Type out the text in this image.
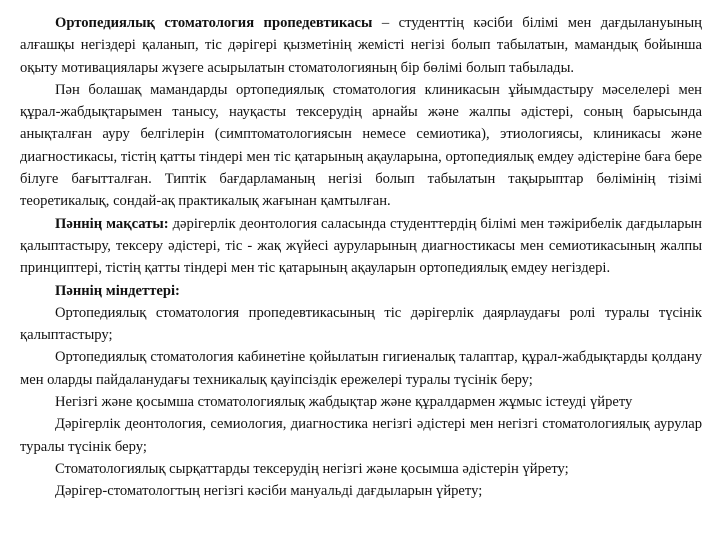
Ортопедиялық стоматология пропедевтикасы – студенттің кәсіби білімі мен дағдылануының алғашқы негіздері қаланып, тіс дәрігері қызметінің жемісті негізі болып табылатын, мамандық бойынша оқыту мотивациялары жүзеге асырылатын стоматологияның бір бөлімі болып табылады.

Пән болашақ мамандарды ортопедиялық стоматология клиникасын ұйымдастыру мәселелері мен құрал-жабдықтарымен танысу, науқасты тексерудің арнайы және жалпы әдістері, соның барысында анықталған ауру белгілерін (симптоматологиясын немесе семиотика), этиологиясы, клиникасы және диагностикасы, тістің қатты тіндері мен тіс қатарының ақауларына, ортопедиялық емдеу әдістеріне баға бере білуге бағытталған. Типтік бағдарламаның негізі болып табылатын тақырыптар бөлімінің тізімі теоретикалық, сондай-ақ практикалық жағынан қамтылған.

Пәннің мақсаты: дәрігерлік деонтология саласында студенттердің білімі мен тәжірибелік дағдыларын қалыптастыру, тексеру әдістері, тіс - жақ жүйесі ауруларының диагностикасы мен семиотикасының жалпы принциптері, тістің қатты тіндері мен тіс қатарының ақауларын ортопедиялық емдеу негіздері.

Пәннің міндеттері:

Ортопедиялық стоматология пропедевтикасының тіс дәрігерлік даярлаудағы ролі туралы түсінік қалыптастыру;

Ортопедиялық стоматология кабинетіне қойылатын гигиеналық талаптар, құрал-жабдықтарды қолдану мен оларды пайдаланудағы техникалық қауіпсіздік ережелері туралы түсінік беру;

Негізгі және қосымша стоматологиялық жабдықтар және құралдармен жұмыс істеуді үйрету

Дәрігерлік деонтология, семиология, диагностика негізгі әдістері мен негізгі стоматологиялық аурулар туралы түсінік беру;

Стоматологиялық сырқаттарды тексерудің негізгі және қосымша әдістерін үйрету;

Дәрігер-стоматологтың негізгі кәсіби мануальді дағдыларын үйрету;
